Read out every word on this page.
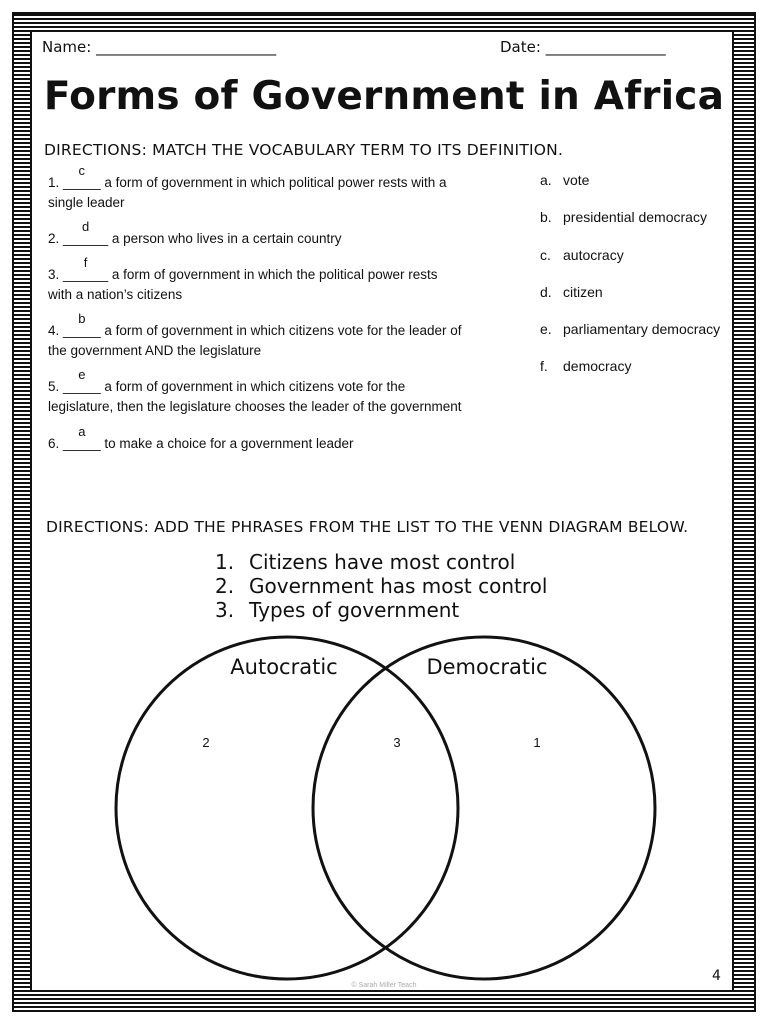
Name: ________________________	Date: ________________
Forms of Government in Africa
DIRECTIONS: MATCH THE VOCABULARY TERM TO ITS DEFINITION.
1. _____
c
a form of government in which political power rests with a
single leader
2. ______
d
a person who lives in a certain country
3. ______
f
a form of government in which the political power rests
with a nation’s citizens
4. _____
b
a form of government in which citizens vote for the leader of
the government AND the legislature
5. _____
e
a form of government in which citizens vote for the
legislature, then the legislature chooses the leader of the government
6. _____
a
to make a choice for a government leader
a. vote
b. presidential democracy
c. autocracy
d. citizen
e. parliamentary democracy
f. democracy
DIRECTIONS: ADD THE PHRASES FROM THE LIST TO THE VENN DIAGRAM BELOW.
1. Citizens have most control
2. Government has most control
3. Types of government
Autocratic	Democratic
2	3	1
4
© Sarah Miller Teach
